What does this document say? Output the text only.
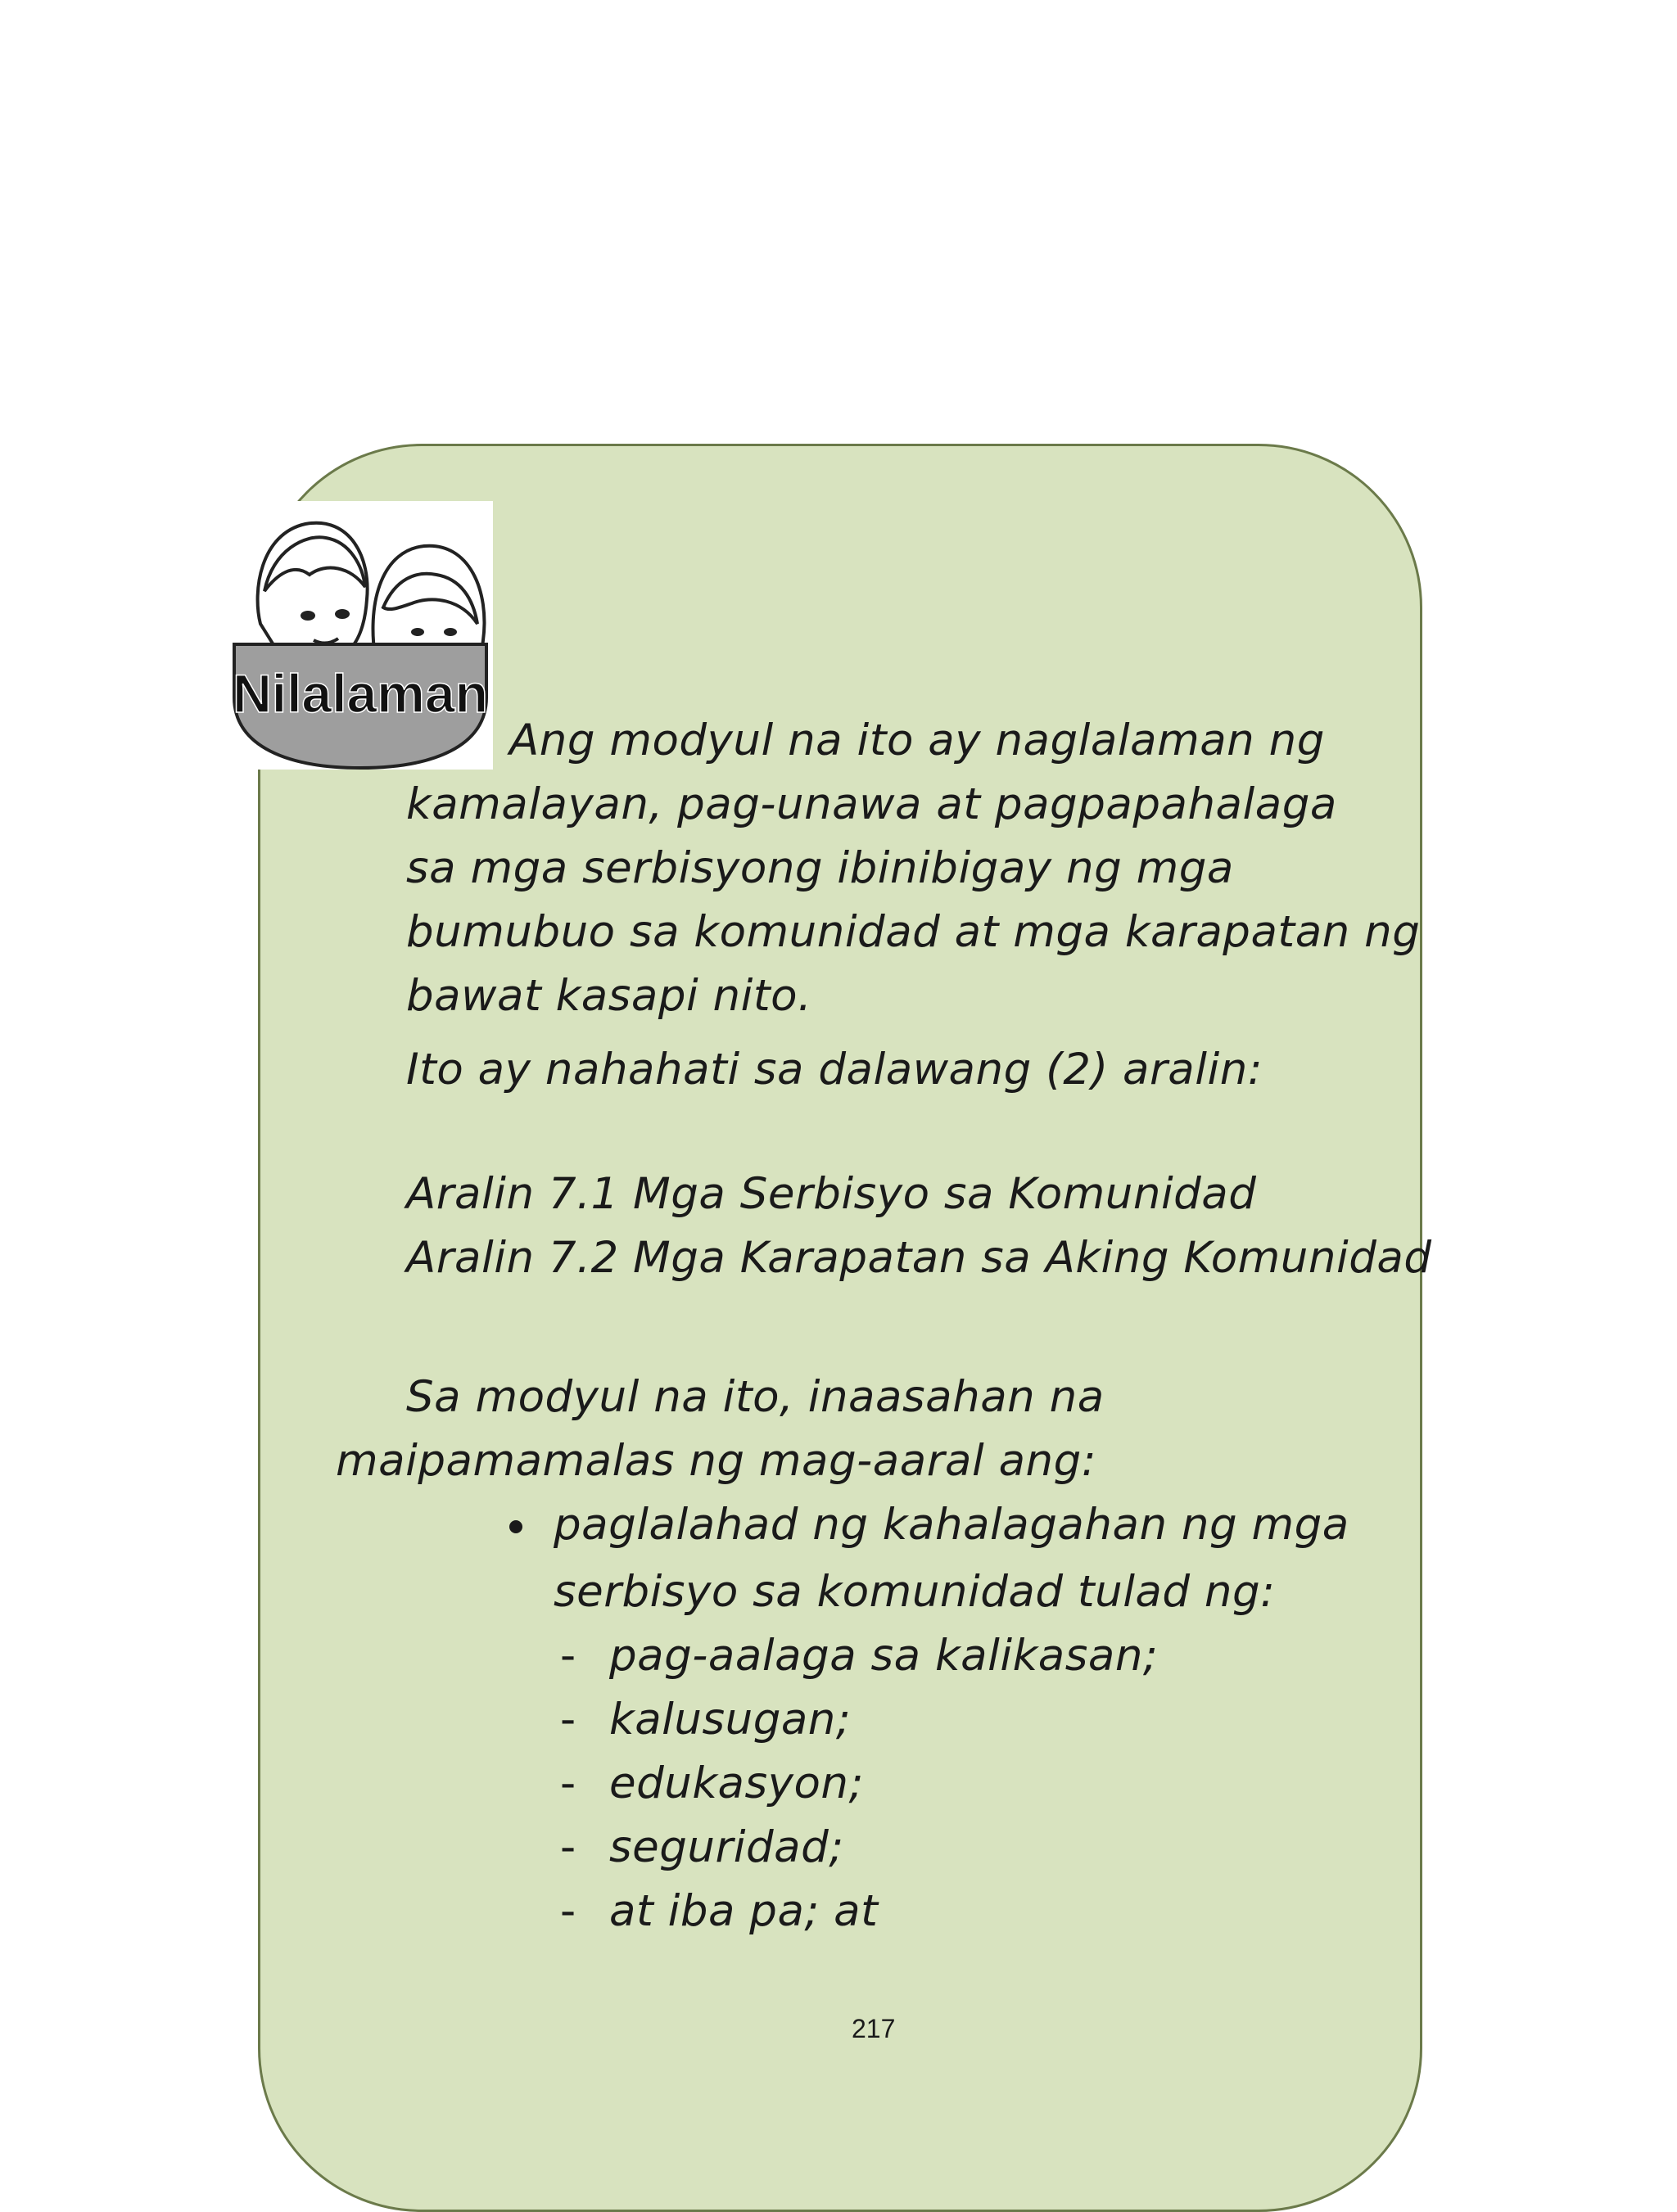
Nilalaman
Ang modyul na ito ay naglalaman ng
kamalayan, pag-unawa at pagpapahalaga
sa mga serbisyong ibinibigay ng mga
bumubuo sa komunidad at mga karapatan ng
bawat kasapi nito.
Ito ay nahahati sa dalawang (2) aralin:
Aralin 7.1 Mga Serbisyo sa Komunidad
Aralin 7.2 Mga Karapatan sa Aking Komunidad
Sa modyul na ito, inaasahan na
maipamamalas ng mag-aaral ang:
paglalahad ng kahalagahan ng mga
serbisyo sa komunidad tulad ng:
- pag-aalaga sa kalikasan;
- kalusugan;
- edukasyon;
- seguridad;
- at iba pa; at
217
